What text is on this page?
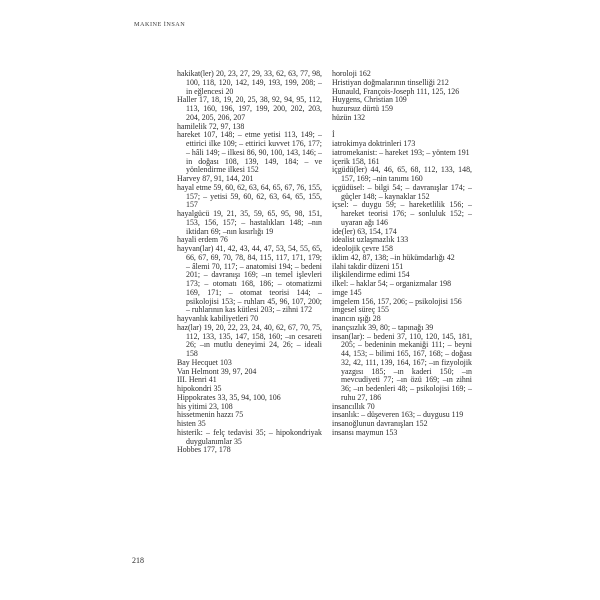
MAKINE İNSAN

hakikat(ler) 20, 23, 27, 29, 33, 62, 63, 77, 98, 100, 118, 120, 142, 149, 193, 199, 208; –in eğlencesi 20

Haller 17, 18, 19, 20, 25, 38, 92, 94, 95, 112, 113, 160, 196, 197, 199, 200, 202, 203, 204, 205, 206, 207

hamilelik 72, 97, 138

hareket 107, 148; – etme yetisi 113, 149; – ettirici ilke 109; – ettirici kuvvet 176, 177; – hâli 149; – ilkesi 86, 90, 100, 143, 146; –in doğası 108, 139, 149, 184; – ve yönlendirme ilkesi 152

Harvey 87, 91, 144, 201

hayal etme 59, 60, 62, 63, 64, 65, 67, 76, 155, 157; – yetisi 59, 60, 62, 63, 64, 65, 155, 157

hayalgücü 19, 21, 35, 59, 65, 95, 98, 151, 153, 156, 157; – hastalıkları 148; –nın iktidarı 69; –nın kısırlığı 19

hayali erdem 76

hayvan(lar) 41, 42, 43, 44, 47, 53, 54, 55, 65, 66, 67, 69, 70, 78, 84, 115, 117, 171, 179; – âlemi 70, 117; – anatomisi 194; – bedeni 201; – davranışı 169; –ın temel işlevleri 173; – otomatı 168, 186; – otomatizmi 169, 171; – otomat teorisi 144; – psikolojisi 153; – ruhları 45, 96, 107, 200; – ruhlarının kas kütlesi 203; – zihni 172

hayvanlık kabiliyetleri 70

haz(lar) 19, 20, 22, 23, 24, 40, 62, 67, 70, 75, 112, 133, 135, 147, 158, 160; –ın cesareti 26; –ın mutlu deneyimi 24, 26; – ideali 158

Bay Hecquet 103

Van Helmont 39, 97, 204

III. Henri 41

hipokondri 35

Hippokrates 33, 35, 94, 100, 106

his yitimi 23, 108

hissetmenin hazzı 75

histen 35

histerik: – felç tedavisi 35; – hipokondriyak duygulanımlar 35

Hobbes 177, 178

horoloji 162

Hristiyan doğmalarının tinselliği 212

Hunauld, François-Joseph 111, 125, 126

Huygens, Christian 109

huzursuz dürtü 159

hüzün 132

İ

iatrokimya doktrinleri 173

iatromekanist: – hareket 193; – yöntem 191

içerik 158, 161

içgüdü(ler) 44, 46, 65, 68, 112, 133, 148, 157, 169; –nin tanımı 160

içgüdüsel: – bilgi 54; – davranışlar 174; – güçler 148; – kaynaklar 152

içsel: – duygu 59; – hareketlilik 156; – hareket teorisi 176; – sonluluk 152; – uyaran ağı 146

ide(ler) 63, 154, 174

idealist uzlaşmazlık 133

ideolojik çevre 158

iklim 42, 87, 138; –in hükümdarlığı 42

ilahi takdir düzeni 151

ilişkilendirme edimi 154

ilkel: – haklar 54; – organizmalar 198

imge 145

imgelem 156, 157, 206; – psikolojisi 156

imgesel süreç 155

inancın ışığı 28

inançsızlık 39, 80; – tapınağı 39

insan(lar): – bedeni 37, 110, 120, 145, 181, 205; – bedeninin mekaniği 111; – beyni 44, 153; – bilimi 165, 167, 168; – doğası 32, 42, 111, 139, 164, 167; –ın fizyolojik yazgısı 185; –ın kaderi 150; –ın mevcudiyeti 77; –ın özü 169; –ın zihni 36; –ın bedenleri 48; – psikolojisi 169; – ruhu 27, 186

insancıllık 70

insanlık: – düşeveren 163; – duygusu 119

insanoğlunun davranışları 152

insansı maymun 153

218
